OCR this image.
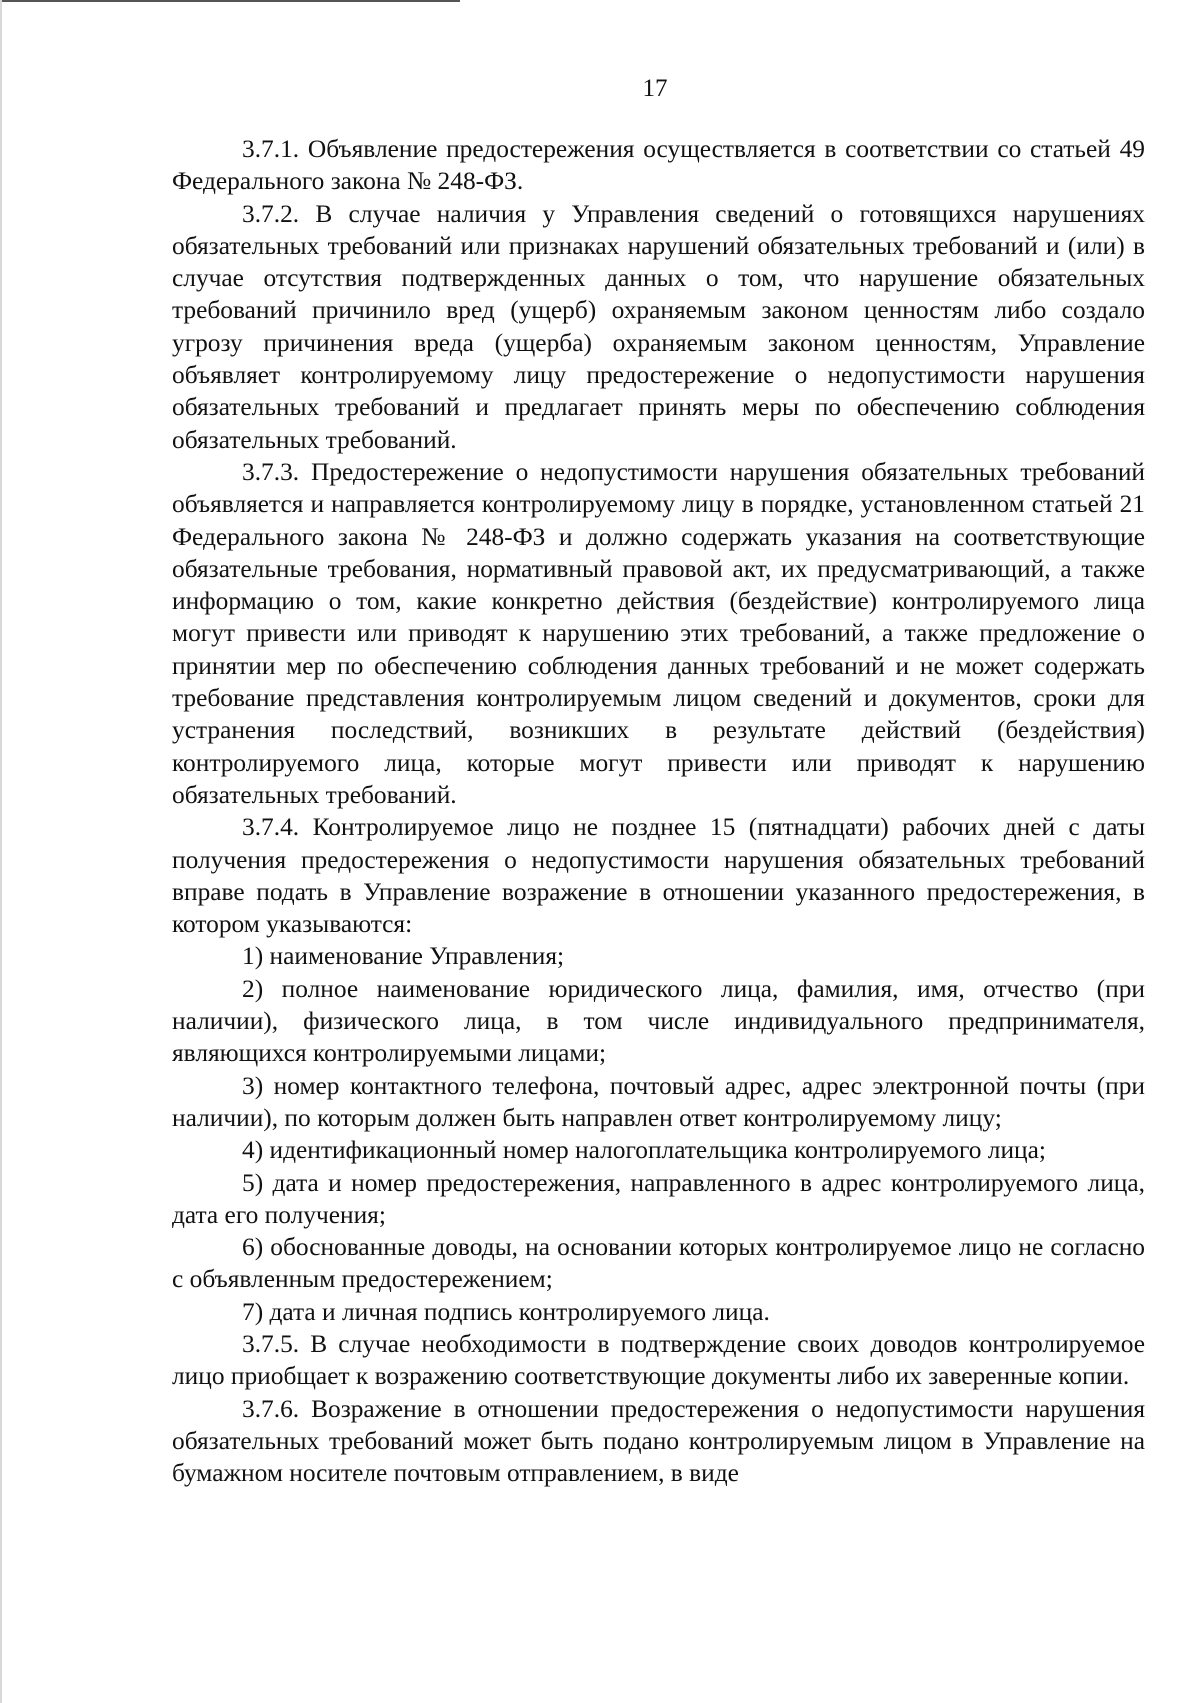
17

3.7.1. Объявление предостережения осуществляется в соответствии со статьей 49 Федерального закона № 248-ФЗ.

3.7.2. В случае наличия у Управления сведений о готовящихся нарушениях обязательных требований или признаках нарушений обязательных требований и (или) в случае отсутствия подтвержденных данных о том, что нарушение обязательных требований причинило вред (ущерб) охраняемым законом ценностям либо создало угрозу причинения вреда (ущерба) охраняемым законом ценностям, Управление объявляет контролируемому лицу предостережение о недопустимости нарушения обязательных требований и предлагает принять меры по обеспечению соблюдения обязательных требований.

3.7.3. Предостережение о недопустимости нарушения обязательных требований объявляется и направляется контролируемому лицу в порядке, установленном статьей 21 Федерального закона № 248-ФЗ и должно содержать указания на соответствующие обязательные требования, нормативный правовой акт, их предусматривающий, а также информацию о том, какие конкретно действия (бездействие) контролируемого лица могут привести или приводят к нарушению этих требований, а также предложение о принятии мер по обеспечению соблюдения данных требований и не может содержать требование представления контролируемым лицом сведений и документов, сроки для устранения последствий, возникших в результате действий (бездействия) контролируемого лица, которые могут привести или приводят к нарушению обязательных требований.

3.7.4. Контролируемое лицо не позднее 15 (пятнадцати) рабочих дней с даты получения предостережения о недопустимости нарушения обязательных требований вправе подать в Управление возражение в отношении указанного предостережения, в котором указываются:

1) наименование Управления;

2) полное наименование юридического лица, фамилия, имя, отчество (при наличии), физического лица, в том числе индивидуального предпринимателя, являющихся контролируемыми лицами;

3) номер контактного телефона, почтовый адрес, адрес электронной почты (при наличии), по которым должен быть направлен ответ контролируемому лицу;

4) идентификационный номер налогоплательщика контролируемого лица;

5) дата и номер предостережения, направленного в адрес контролируемого лица, дата его получения;

6) обоснованные доводы, на основании которых контролируемое лицо не согласно с объявленным предостережением;

7) дата и личная подпись контролируемого лица.

3.7.5. В случае необходимости в подтверждение своих доводов контролируемое лицо приобщает к возражению соответствующие документы либо их заверенные копии.

3.7.6. Возражение в отношении предостережения о недопустимости нарушения обязательных требований может быть подано контролируемым лицом в Управление на бумажном носителе почтовым отправлением, в виде
